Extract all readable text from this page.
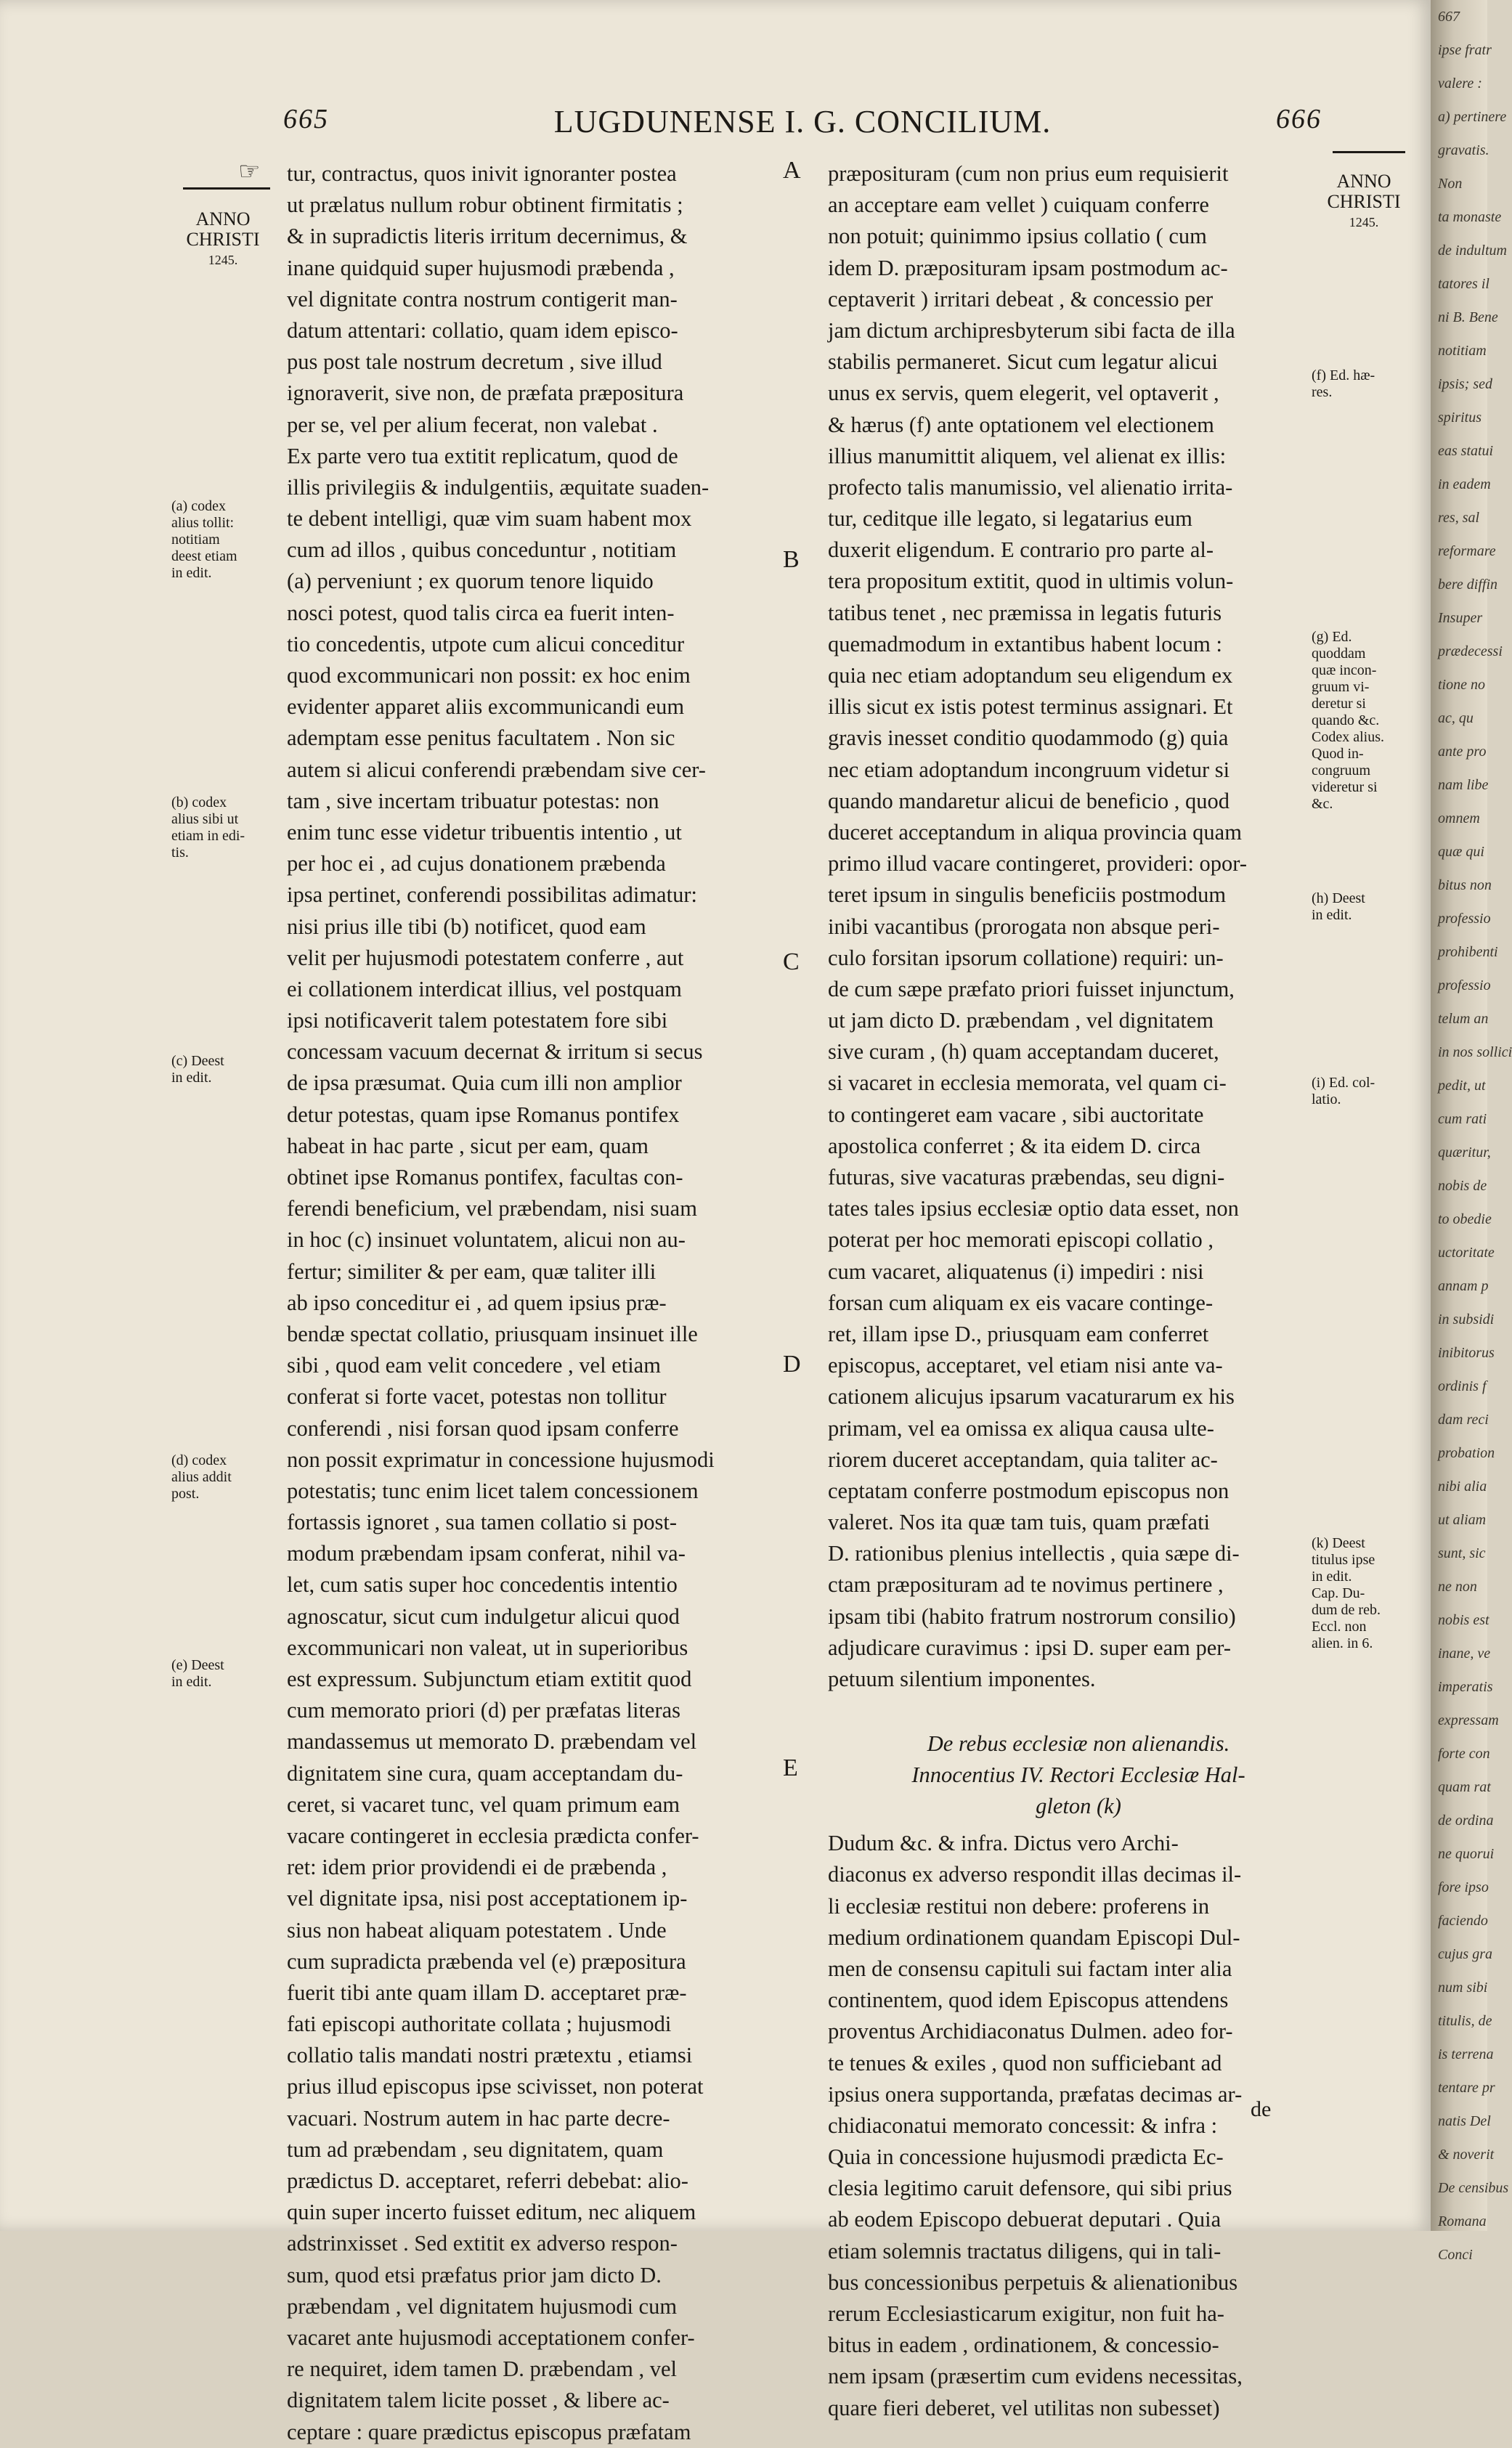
665	LUGDUNENSE I. G. CONCILIUM.	666
☞
ANNO
CHRISTI
1245.
ANNO
CHRISTI
1245.
(a) codex
alius tollit:
notitiam
deest etiam
in edit.
(b) codex
alius sibi ut
etiam in edi-
tis.
(c) Deest
in edit.
(d) codex
alius addit
post.
(e) Deest
in edit.
(f) Ed. hæ-
res.
(g) Ed.
quoddam
quæ incon-
gruum vi-
deretur si
quando &c.
Codex alius.
Quod in-
congruum
videretur si
&c.
(h) Deest
in edit.
(i) Ed. col-
latio.
(k) Deest
titulus ipse
in edit.
Cap. Du-
dum de reb.
Eccl. non
alien. in 6.
A
B
C
D
E
tur, contractus, quos inivit ignoranter postea
ut prælatus nullum robur obtinent firmitatis ;
& in supradictis literis irritum decernimus, &
inane quidquid super hujusmodi præbenda ,
vel dignitate contra nostrum contigerit man-
datum attentari: collatio, quam idem episco-
pus post tale nostrum decretum , sive illud
ignoraverit, sive non, de præfata præpositura
per se, vel per alium fecerat, non valebat .
Ex parte vero tua extitit replicatum, quod de
illis privilegiis & indulgentiis, æquitate suaden-
te debent intelligi, quæ vim suam habent mox
cum ad illos , quibus conceduntur , notitiam
(a) perveniunt ; ex quorum tenore liquido
nosci potest, quod talis circa ea fuerit inten-
tio concedentis, utpote cum alicui conceditur
quod excommunicari non possit: ex hoc enim
evidenter apparet aliis excommunicandi eum
ademptam esse penitus facultatem . Non sic
autem si alicui conferendi præbendam sive cer-
tam , sive incertam tribuatur potestas: non
enim tunc esse videtur tribuentis intentio , ut
per hoc ei , ad cujus donationem præbenda
ipsa pertinet, conferendi possibilitas adimatur:
nisi prius ille tibi (b) notificet, quod eam
velit per hujusmodi potestatem conferre , aut
ei collationem interdicat illius, vel postquam
ipsi notificaverit talem potestatem fore sibi
concessam vacuum decernat & irritum si secus
de ipsa præsumat. Quia cum illi non amplior
detur potestas, quam ipse Romanus pontifex
habeat in hac parte , sicut per eam, quam
obtinet ipse Romanus pontifex, facultas con-
ferendi beneficium, vel præbendam, nisi suam
in hoc (c) insinuet voluntatem, alicui non au-
fertur; similiter & per eam, quæ taliter illi
ab ipso conceditur ei , ad quem ipsius præ-
bendæ spectat collatio, priusquam insinuet ille
sibi , quod eam velit concedere , vel etiam
conferat si forte vacet, potestas non tollitur
conferendi , nisi forsan quod ipsam conferre
non possit exprimatur in concessione hujusmodi
potestatis; tunc enim licet talem concessionem
fortassis ignoret , sua tamen collatio si post-
modum præbendam ipsam conferat, nihil va-
let, cum satis super hoc concedentis intentio
agnoscatur, sicut cum indulgetur alicui quod
excommunicari non valeat, ut in superioribus
est expressum. Subjunctum etiam extitit quod
cum memorato priori (d) per præfatas literas
mandassemus ut memorato D. præbendam vel
dignitatem sine cura, quam acceptandam du-
ceret, si vacaret tunc, vel quam primum eam
vacare contingeret in ecclesia prædicta confer-
ret: idem prior providendi ei de præbenda ,
vel dignitate ipsa, nisi post acceptationem ip-
sius non habeat aliquam potestatem . Unde
cum supradicta præbenda vel (e) præpositura
fuerit tibi ante quam illam D. acceptaret præ-
fati episcopi authoritate collata ; hujusmodi
collatio talis mandati nostri prætextu , etiamsi
prius illud episcopus ipse scivisset, non poterat
vacuari. Nostrum autem in hac parte decre-
tum ad præbendam , seu dignitatem, quam
prædictus D. acceptaret, referri debebat: alio-
quin super incerto fuisset editum, nec aliquem
adstrinxisset . Sed extitit ex adverso respon-
sum, quod etsi præfatus prior jam dicto D.
præbendam , vel dignitatem hujusmodi cum
vacaret ante hujusmodi acceptationem confer-
re nequiret, idem tamen D. præbendam , vel
dignitatem talem licite posset , & libere ac-
ceptare : quare prædictus episcopus præfatam
præposituram (cum non prius eum requisierit
an acceptare eam vellet ) cuiquam conferre
non potuit; quinimmo ipsius collatio ( cum
idem D. præposituram ipsam postmodum ac-
ceptaverit ) irritari debeat , & concessio per
jam dictum archipresbyterum sibi facta de illa
stabilis permaneret. Sicut cum legatur alicui
unus ex servis, quem elegerit, vel optaverit ,
& hærus (f) ante optationem vel electionem
illius manumittit aliquem, vel alienat ex illis:
profecto talis manumissio, vel alienatio irrita-
tur, ceditque ille legato, si legatarius eum
duxerit eligendum. E contrario pro parte al-
tera propositum extitit, quod in ultimis volun-
tatibus tenet , nec præmissa in legatis futuris
quemadmodum in extantibus habent locum :
quia nec etiam adoptandum seu eligendum ex
illis sicut ex istis potest terminus assignari. Et
gravis inesset conditio quodammodo (g) quia
nec etiam adoptandum incongruum videtur si
quando mandaretur alicui de beneficio , quod
duceret acceptandum in aliqua provincia quam
primo illud vacare contingeret, provideri: opor-
teret ipsum in singulis beneficiis postmodum
inibi vacantibus (prorogata non absque peri-
culo forsitan ipsorum collatione) requiri: un-
de cum sæpe præfato priori fuisset injunctum,
ut jam dicto D. præbendam , vel dignitatem
sive curam , (h) quam acceptandam duceret,
si vacaret in ecclesia memorata, vel quam ci-
to contingeret eam vacare , sibi auctoritate
apostolica conferret ; & ita eidem D. circa
futuras, sive vacaturas præbendas, seu digni-
tates tales ipsius ecclesiæ optio data esset, non
poterat per hoc memorati episcopi collatio ,
cum vacaret, aliquatenus (i) impediri : nisi
forsan cum aliquam ex eis vacare continge-
ret, illam ipse D., priusquam eam conferret
episcopus, acceptaret, vel etiam nisi ante va-
cationem alicujus ipsarum vacaturarum ex his
primam, vel ea omissa ex aliqua causa ulte-
riorem duceret acceptandam, quia taliter ac-
ceptatam conferre postmodum episcopus non
valeret. Nos ita quæ tam tuis, quam præfati
D. rationibus plenius intellectis , quia sæpe di-
ctam præposituram ad te novimus pertinere ,
ipsam tibi (habito fratrum nostrorum consilio)
adjudicare curavimus : ipsi D. super eam per-
petuum silentium imponentes.
De rebus ecclesiæ non alienandis.
Innocentius IV. Rectori Ecclesiæ Hal-
gleton (k)
Dudum &c. & infra. Dictus vero Archi-
diaconus ex adverso respondit illas decimas il-
li ecclesiæ restitui non debere: proferens in
medium ordinationem quandam Episcopi Dul-
men de consensu capituli sui factam inter alia
continentem, quod idem Episcopus attendens
proventus Archidiaconatus Dulmen. adeo for-
te tenues & exiles , quod non sufficiebant ad
ipsius onera supportanda, præfatas decimas ar-
chidiaconatui memorato concessit: & infra :
Quia in concessione hujusmodi prædicta Ec-
clesia legitimo caruit defensore, qui sibi prius
ab eodem Episcopo debuerat deputari . Quia
etiam solemnis tractatus diligens, qui in tali-
bus concessionibus perpetuis & alienationibus
rerum Ecclesiasticarum exigitur, non fuit ha-
bitus in eadem , ordinationem, & concessio-
nem ipsam (præsertim cum evidens necessitas,
quare fieri deberet, vel utilitas non subesset)
de
667
ipse fratr
valere :
a) pertinere
gravatis.
Non
ta monaste
de indultum
tatores il
ni B. Bene
notitiam
ipsis; sed
spiritus
eas statui
in eadem
res, sal
reformare
bere diffin
Insuper
prædecessi
tione no
ac, qu
ante pro
nam libe
omnem
quæ qui
bitus non
professio
prohibenti
professio
telum an
in nos sollici
pedit, ut
cum rati
quæritur,
nobis de
to obedie
uctoritate
annam p
in subsidi
inibitorus
ordinis f
dam reci
probation
nibi alia
ut aliam
sunt, sic
ne non
nobis est
inane, ve
imperatis
expressam
forte con
quam rat
de ordina
ne quorui
fore ipso
faciendo
cujus gra
num sibi
titulis, de
is terrena
tentare pr
natis Del
& noverit
De censibus
Romana
Conci
